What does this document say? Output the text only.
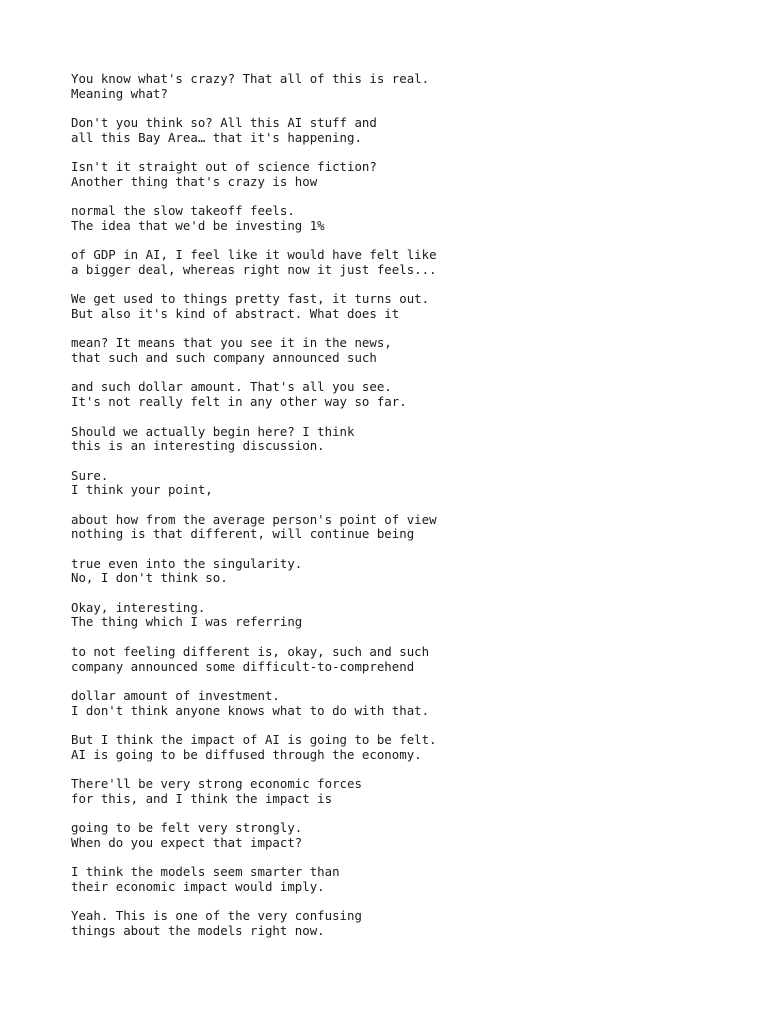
You know what's crazy? That all of this is real.
Meaning what?
Don't you think so? All this AI stuff and
all this Bay Area… that it's happening.
Isn't it straight out of science fiction?
Another thing that's crazy is how
normal the slow takeoff feels.
The idea that we'd be investing 1%
of GDP in AI, I feel like it would have felt like
a bigger deal, whereas right now it just feels...
We get used to things pretty fast, it turns out.
But also it's kind of abstract. What does it
mean? It means that you see it in the news,
that such and such company announced such
and such dollar amount. That's all you see.
It's not really felt in any other way so far.
Should we actually begin here? I think
this is an interesting discussion.
Sure.
I think your point,
about how from the average person's point of view
nothing is that different, will continue being
true even into the singularity.
No, I don't think so.
Okay, interesting.
The thing which I was referring
to not feeling different is, okay, such and such
company announced some difficult-to-comprehend
dollar amount of investment.
I don't think anyone knows what to do with that.
But I think the impact of AI is going to be felt.
AI is going to be diffused through the economy.
There'll be very strong economic forces
for this, and I think the impact is
going to be felt very strongly.
When do you expect that impact?
I think the models seem smarter than
their economic impact would imply.
Yeah. This is one of the very confusing
things about the models right now.
